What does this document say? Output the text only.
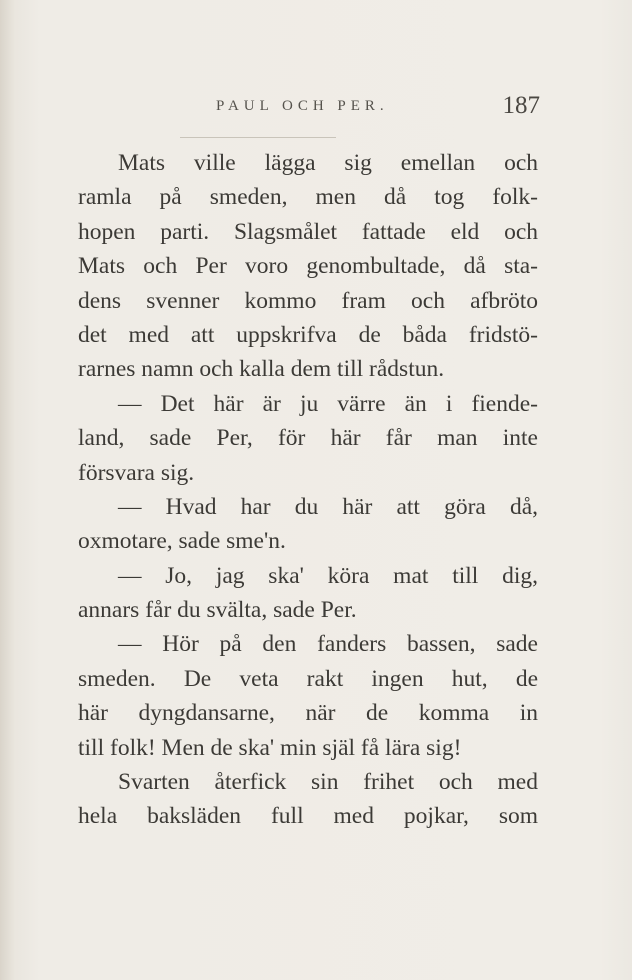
PAUL OCH PER.	187
Mats ville lägga sig emellan och
ramla på smeden, men då tog folk-
hopen parti. Slagsmålet fattade eld och
Mats och Per voro genombultade, då sta-
dens svenner kommo fram och afbröto
det med att uppskrifva de båda fridstö-
rarnes namn och kalla dem till rådstun.
— Det här är ju värre än i fiende-
land, sade Per, för här får man inte
försvara sig.
— Hvad har du här att göra då,
oxmotare, sade sme'n.
— Jo, jag ska' köra mat till dig,
annars får du svälta, sade Per.
— Hör på den fanders bassen, sade
smeden. De veta rakt ingen hut, de
här dyngdansarne, när de komma in
till folk! Men de ska' min själ få lära sig!
Svarten återfick sin frihet och med
hela baksläden full med pojkar, som
